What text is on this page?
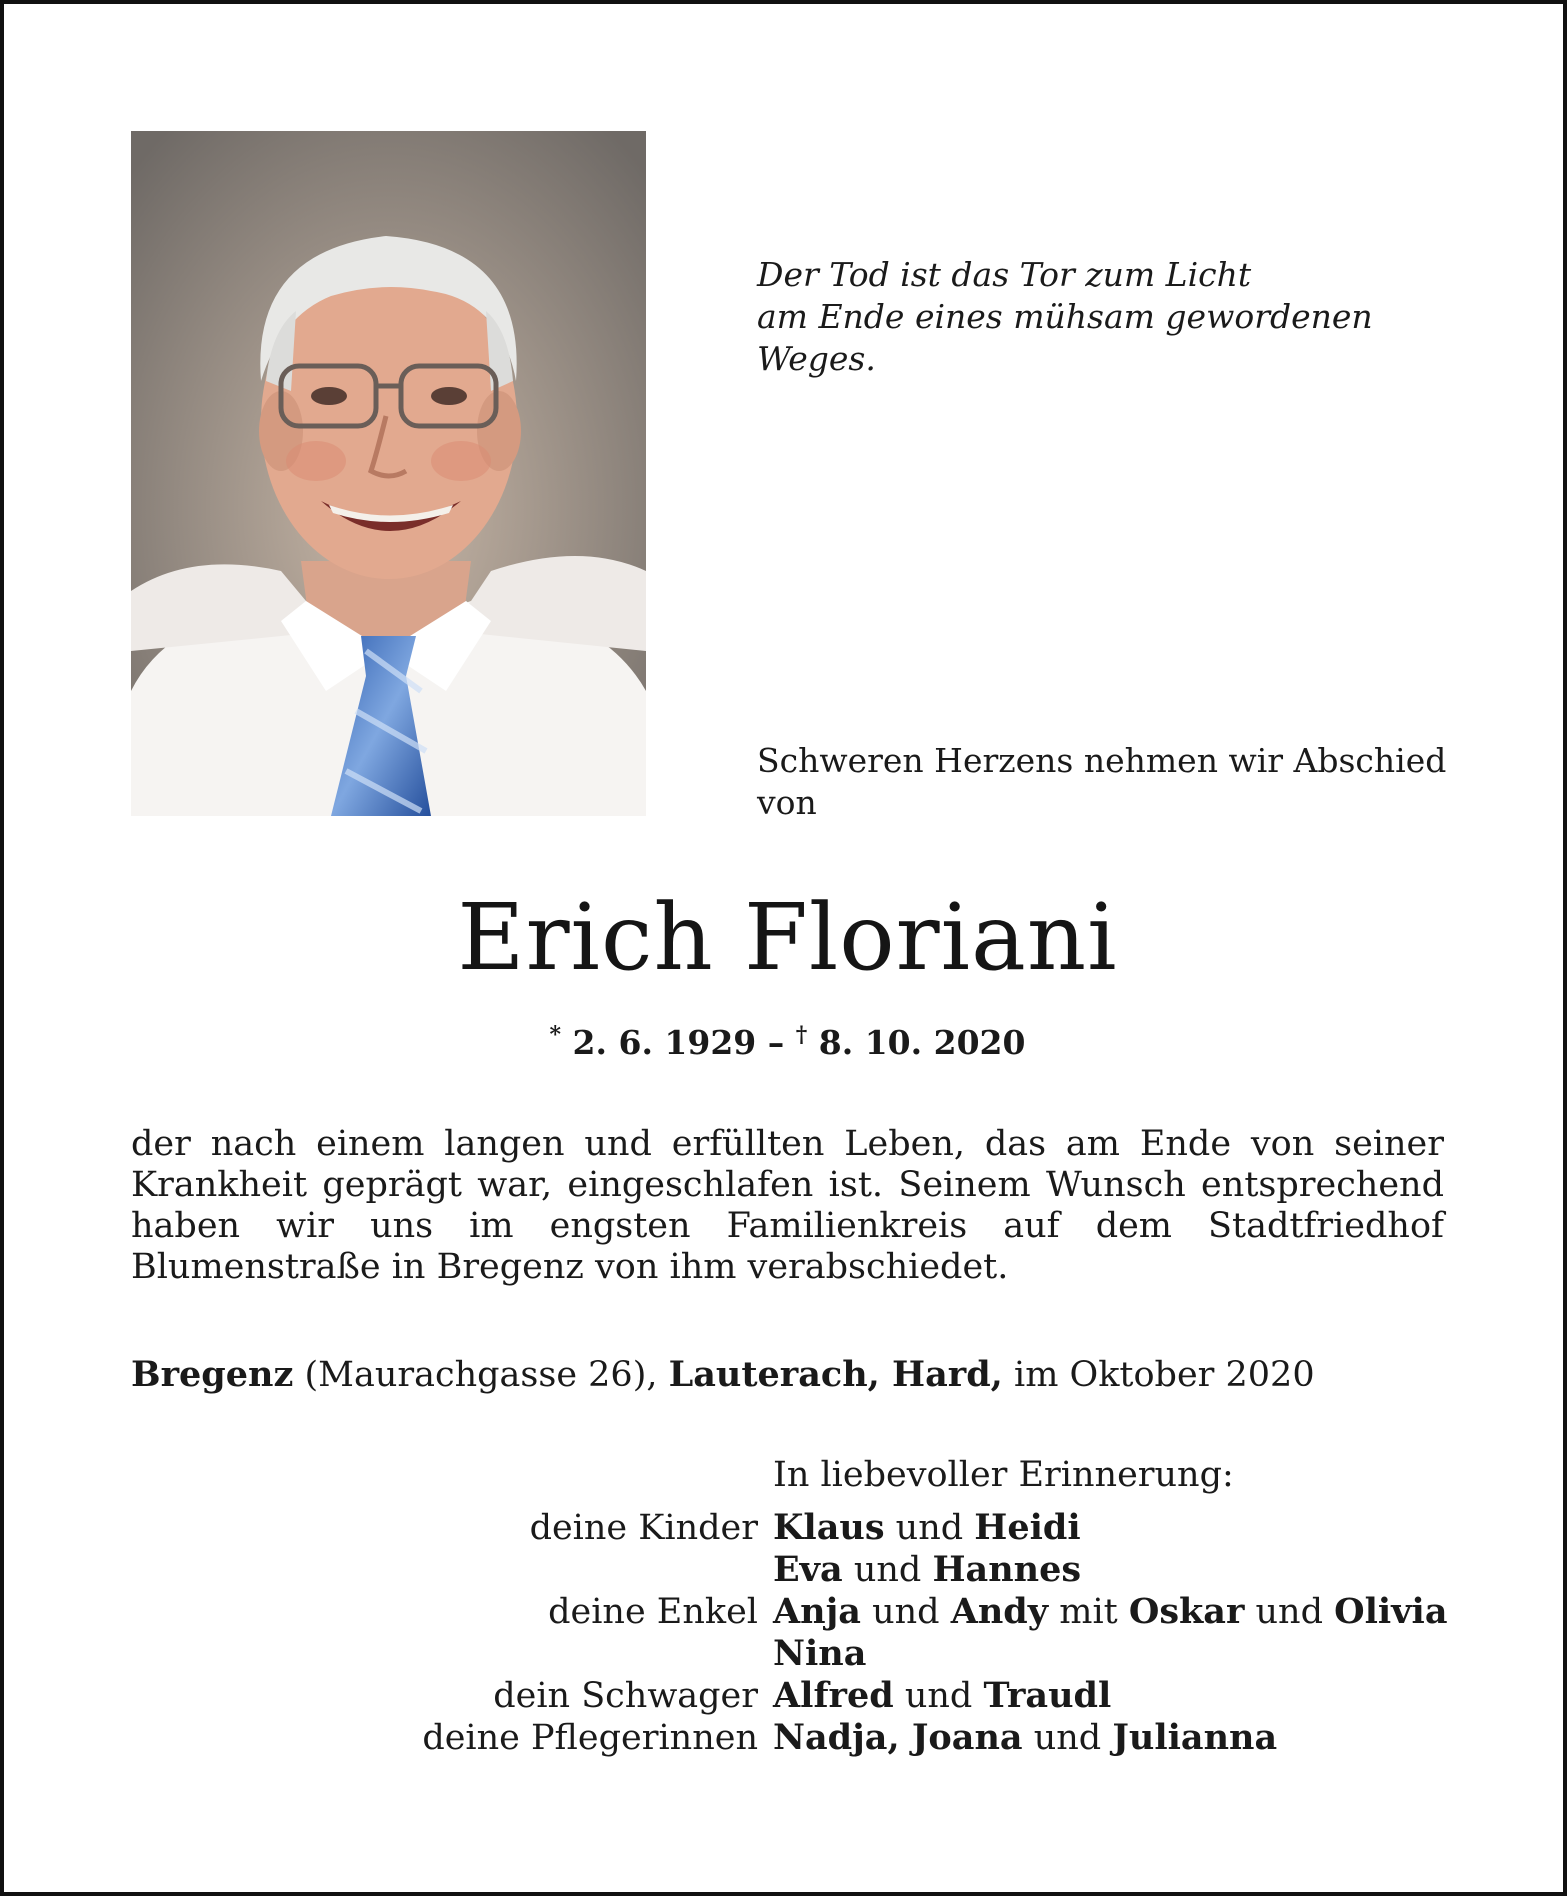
Der Tod ist das Tor zum Licht
am Ende eines mühsam gewordenen Weges.
Schweren Herzens nehmen wir Abschied von
Erich Floriani
* 2. 6. 1929 – † 8. 10. 2020
der nach einem langen und erfüllten Leben, das am Ende von seiner Krankheit geprägt war, eingeschlafen ist. Seinem Wunsch entsprechend haben wir uns im engsten Familienkreis auf dem Stadtfriedhof Blumenstraße in Bregenz von ihm verabschiedet.
Bregenz (Maurachgasse 26), Lauterach, Hard, im Oktober 2020
In liebevoller Erinnerung:
deine Kinder Klaus und Heidi
Eva und Hannes
deine Enkel Anja und Andy mit Oskar und Olivia
Nina
dein Schwager Alfred und Traudl
deine Pflegerinnen Nadja, Joana und Julianna
